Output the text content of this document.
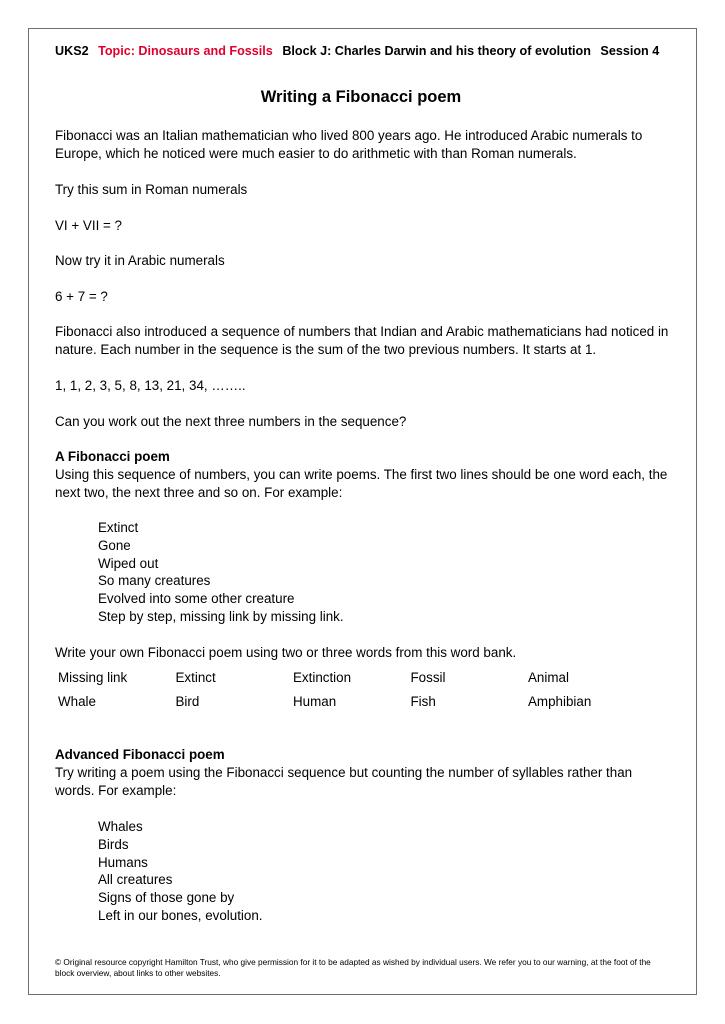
UKS2 Topic: Dinosaurs and Fossils Block J: Charles Darwin and his theory of evolution Session 4
Writing a Fibonacci poem
Fibonacci was an Italian mathematician who lived 800 years ago. He introduced Arabic numerals to Europe, which he noticed were much easier to do arithmetic with than Roman numerals.
Try this sum in Roman numerals
VI + VII = ?
Now try it in Arabic numerals
6 + 7 = ?
Fibonacci also introduced a sequence of numbers that Indian and Arabic mathematicians had noticed in nature. Each number in the sequence is the sum of the two previous numbers. It starts at 1.
1, 1, 2, 3, 5, 8, 13, 21, 34, ……..
Can you work out the next three numbers in the sequence?
A Fibonacci poem
Using this sequence of numbers, you can write poems. The first two lines should be one word each, the next two, the next three and so on. For example:
Extinct
Gone
Wiped out
So many creatures
Evolved into some other creature
Step by step, missing link by missing link.
Write your own Fibonacci poem using two or three words from this word bank.
Missing link	Extinct	Extinction	Fossil	Animal
Whale	Bird	Human	Fish	Amphibian
Advanced Fibonacci poem
Try writing a poem using the Fibonacci sequence but counting the number of syllables rather than words. For example:
Whales
Birds
Humans
All creatures
Signs of those gone by
Left in our bones, evolution.
© Original resource copyright Hamilton Trust, who give permission for it to be adapted as wished by individual users. We refer you to our warning, at the foot of the block overview, about links to other websites.
